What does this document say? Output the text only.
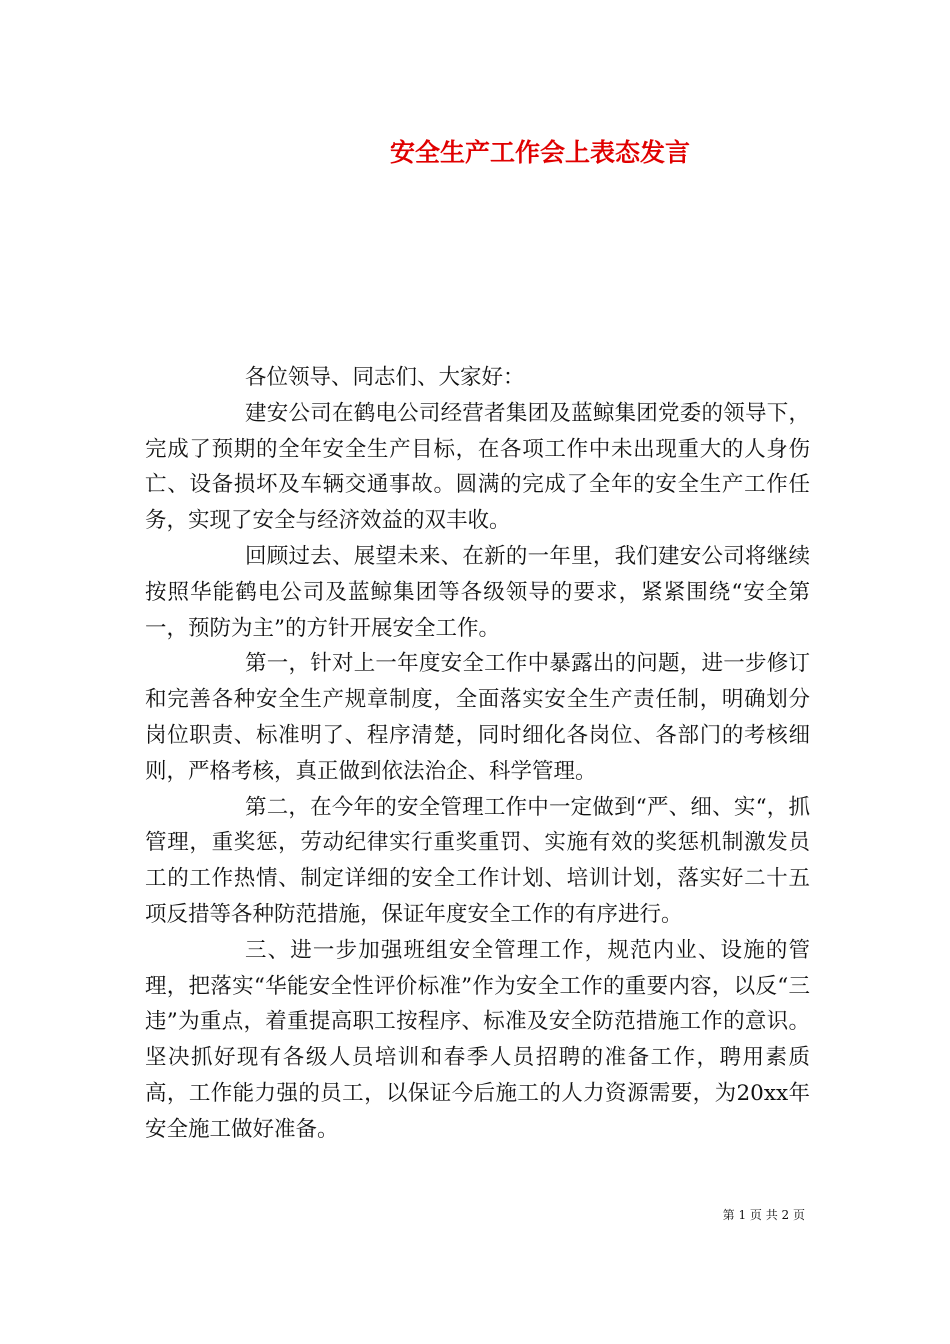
安全生产工作会上表态发言

各位领导、同志们、大家好：

建安公司在鹤电公司经营者集团及蓝鲸集团党委的领导下，完成了预期的全年安全生产目标，在各项工作中未出现重大的人身伤亡、设备损坏及车辆交通事故。圆满的完成了全年的安全生产工作任务，实现了安全与经济效益的双丰收。

回顾过去、展望未来、在新的一年里，我们建安公司将继续按照华能鹤电公司及蓝鲸集团等各级领导的要求，紧紧围绕“安全第一，预防为主”的方针开展安全工作。

第一，针对上一年度安全工作中暴露出的问题，进一步修订和完善各种安全生产规章制度，全面落实安全生产责任制，明确划分岗位职责、标准明了、程序清楚，同时细化各岗位、各部门的考核细则，严格考核，真正做到依法治企、科学管理。

第二，在今年的安全管理工作中一定做到“严、细、实“，抓管理，重奖惩，劳动纪律实行重奖重罚、实施有效的奖惩机制激发员工的工作热情、制定详细的安全工作计划、培训计划，落实好二十五项反措等各种防范措施，保证年度安全工作的有序进行。

三、进一步加强班组安全管理工作，规范内业、设施的管理，把落实“华能安全性评价标准”作为安全工作的重要内容，以反“三违”为重点，着重提高职工按程序、标准及安全防范措施工作的意识。坚决抓好现有各级人员培训和春季人员招聘的准备工作，聘用素质高，工作能力强的员工，以保证今后施工的人力资源需要，为20xx年安全施工做好准备。

第 1 页 共 2 页
